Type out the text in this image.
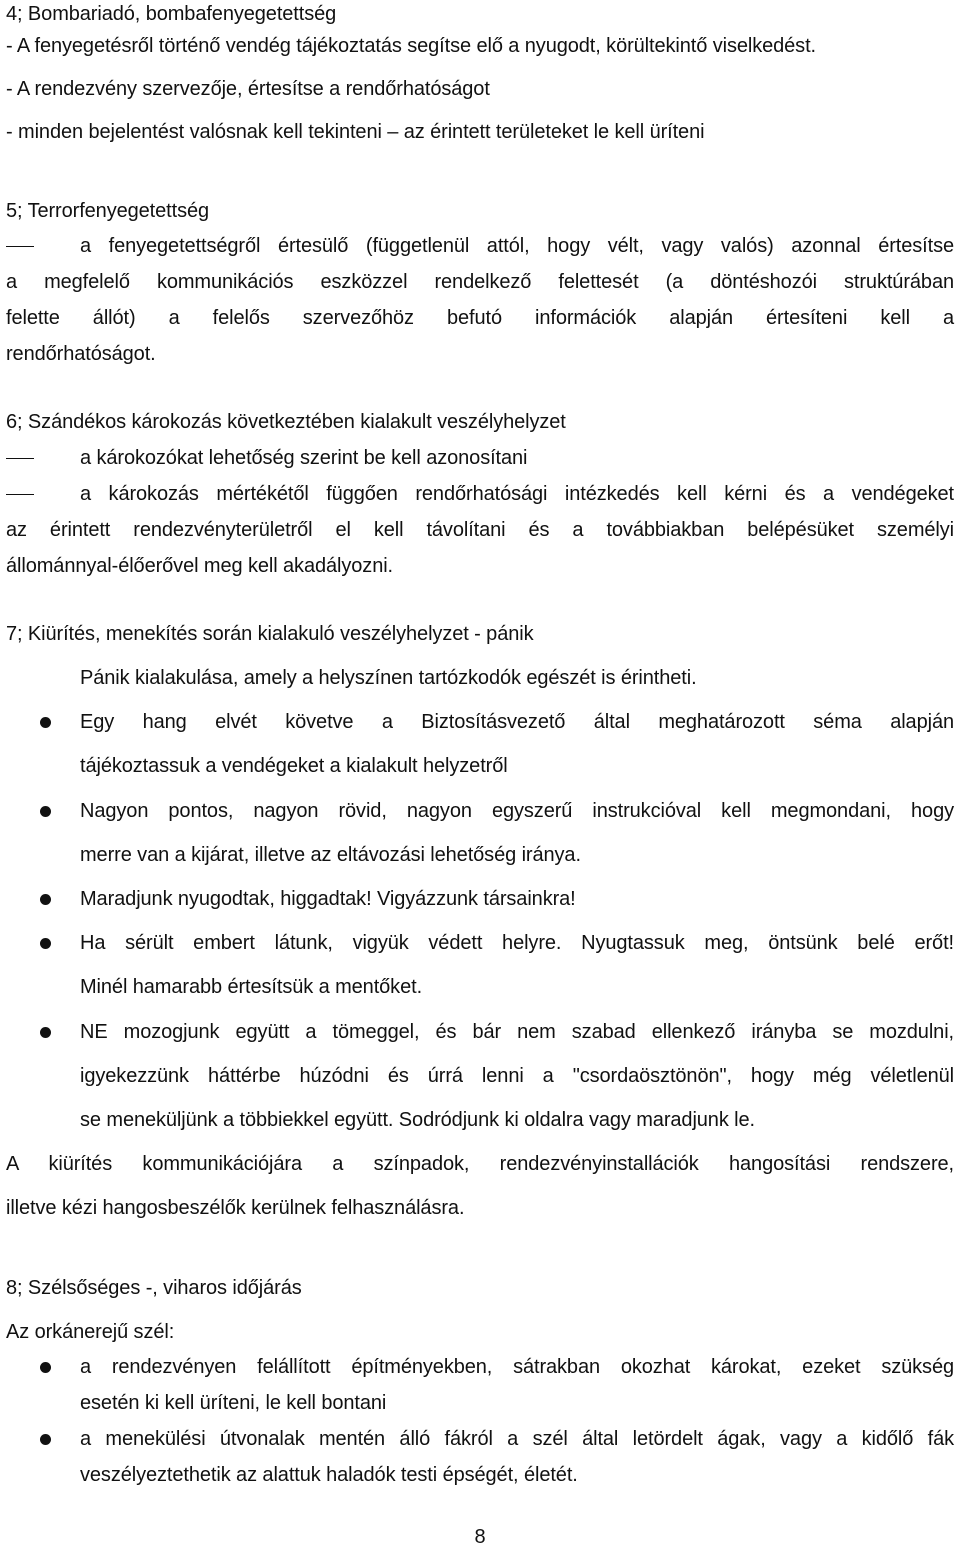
4; Bombariadó, bombafenyegetettség
- A fenyegetésről történő vendég tájékoztatás segítse elő a nyugodt, körültekintő viselkedést.
- A rendezvény szervezője, értesítse a rendőrhatóságot
- minden bejelentést valósnak kell tekinteni – az érintett területeket le kell üríteni
5; Terrorfenyegetettség
a fenyegetettségről értesülő (függetlenül attól, hogy vélt, vagy valós) azonnal értesítse
a megfelelő kommunikációs eszközzel rendelkező felettesét (a döntéshozói struktúrában
felette állót) a felelős szervezőhöz befutó információk alapján értesíteni kell a
rendőrhatóságot.
6; Szándékos károkozás következtében kialakult veszélyhelyzet
a károkozókat lehetőség szerint be kell azonosítani
a károkozás mértékétől függően rendőrhatósági intézkedés kell kérni és a vendégeket
az érintett rendezvényterületről el kell távolítani és a továbbiakban belépésüket személyi
állománnyal-élőerővel meg kell akadályozni.
7; Kiürítés, menekítés során kialakuló veszélyhelyzet - pánik
Pánik kialakulása, amely a helyszínen tartózkodók egészét is érintheti.
Egy hang elvét követve a Biztosításvezető által meghatározott séma alapján
tájékoztassuk a vendégeket a kialakult helyzetről
Nagyon pontos, nagyon rövid, nagyon egyszerű instrukcióval kell megmondani, hogy
merre van a kijárat, illetve az eltávozási lehetőség iránya.
Maradjunk nyugodtak, higgadtak! Vigyázzunk társainkra!
Ha sérült embert látunk, vigyük védett helyre. Nyugtassuk meg, öntsünk belé erőt!
Minél hamarabb értesítsük a mentőket.
NE mozogjunk együtt a tömeggel, és bár nem szabad ellenkező irányba se mozdulni,
igyekezzünk háttérbe húzódni és úrrá lenni a "csordaösztönön", hogy még véletlenül
se meneküljünk a többiekkel együtt. Sodródjunk ki oldalra vagy maradjunk le.
A kiürítés kommunikációjára a színpadok, rendezvényinstallációk hangosítási rendszere,
illetve kézi hangosbeszélők kerülnek felhasználásra.
8; Szélsőséges -, viharos időjárás
Az orkánerejű szél:
a rendezvényen felállított építményekben, sátrakban okozhat károkat, ezeket szükség
esetén ki kell üríteni, le kell bontani
a menekülési útvonalak mentén álló fákról a szél által letördelt ágak, vagy a kidőlő fák
veszélyeztethetik az alattuk haladók testi épségét, életét.
8
